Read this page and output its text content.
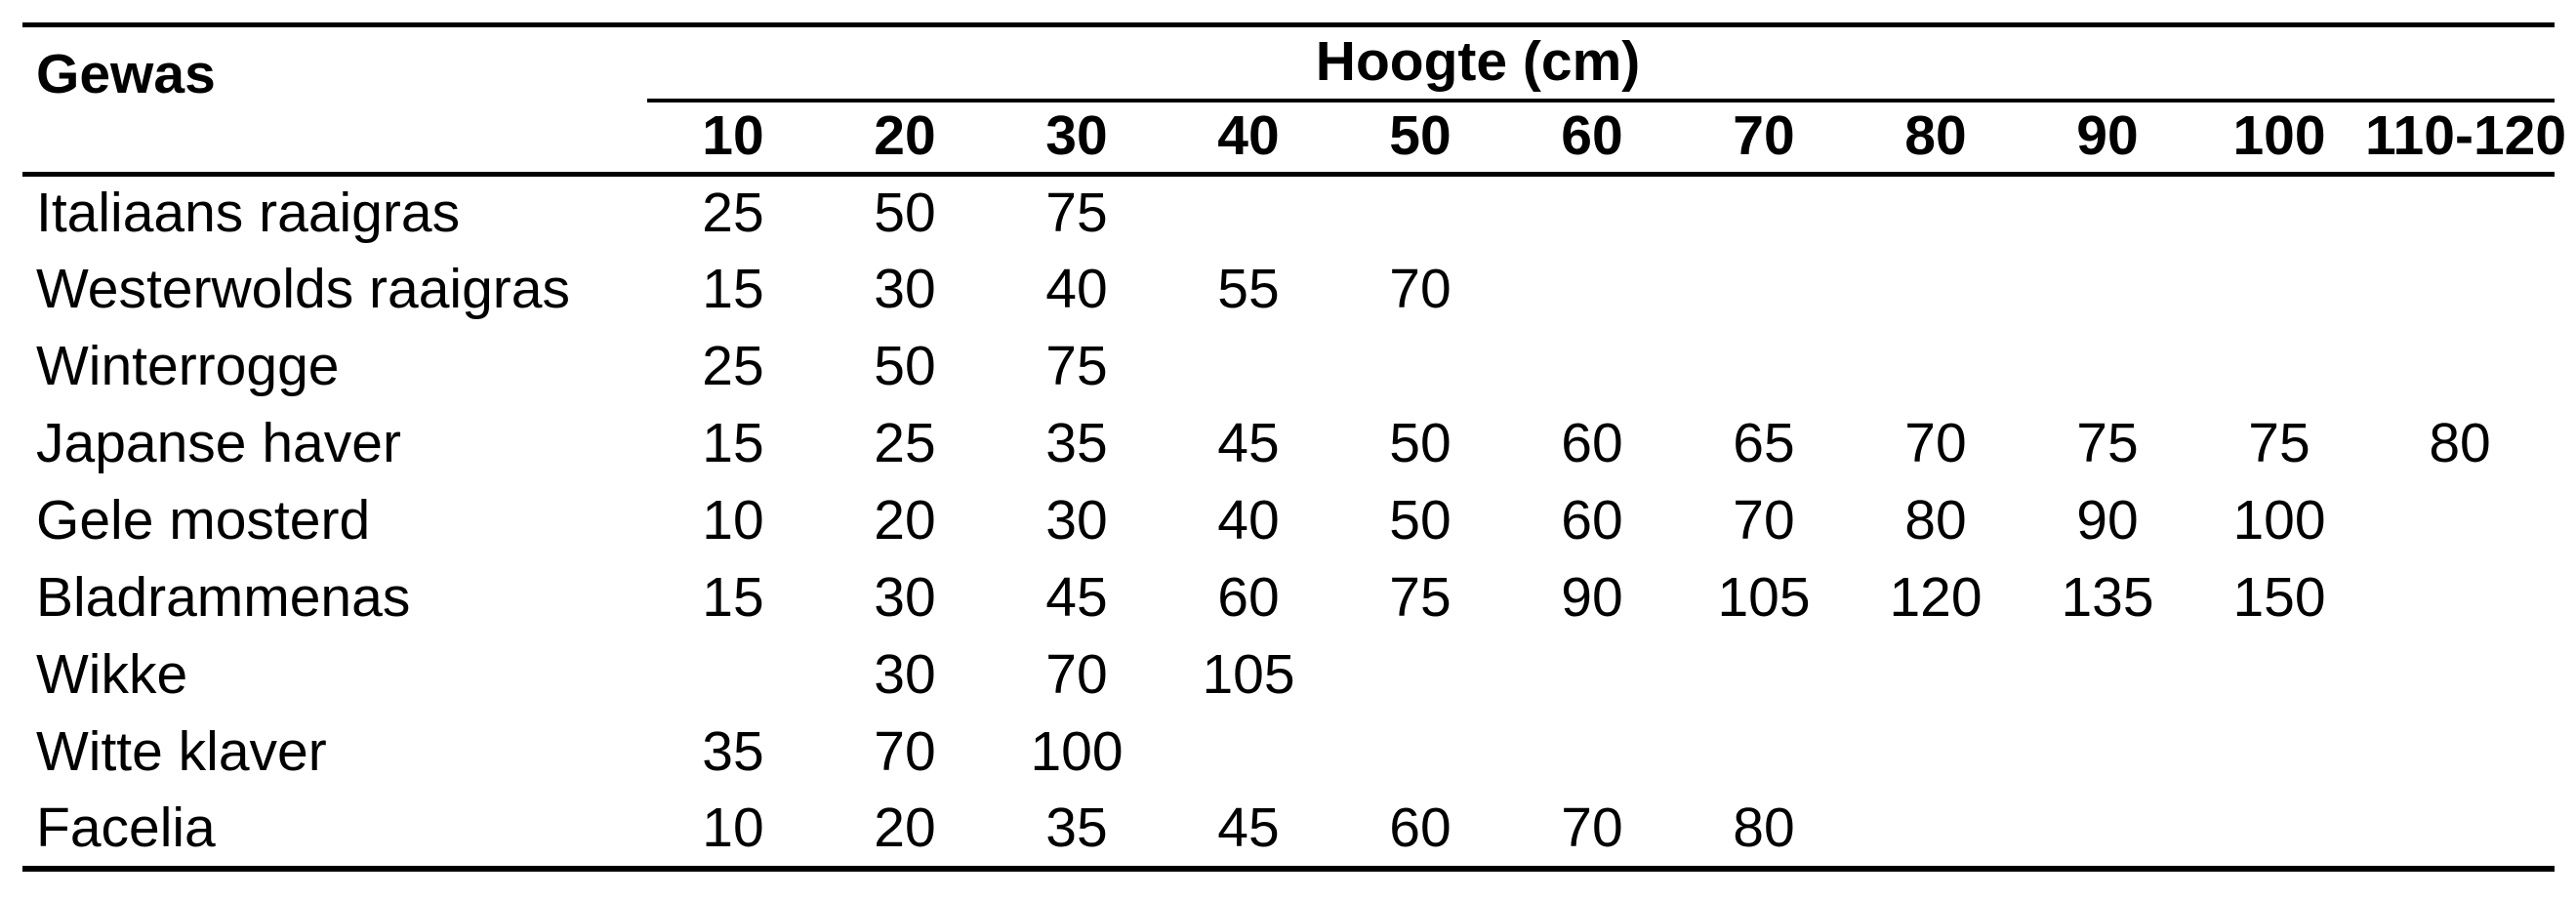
Gewas	Hoogte (cm)										
	10	20	30	40	50	60	70	80	90	100	110-120
Italiaans raaigras	25	50	75								
Westerwolds raaigras	15	30	40	55	70						
Winterrogge	25	50	75								
Japanse haver	15	25	35	45	50	60	65	70	75	75	80
Gele mosterd	10	20	30	40	50	60	70	80	90	100	
Bladrammenas	15	30	45	60	75	90	105	120	135	150	
Wikke		30	70	105							
Witte klaver	35	70	100								
Facelia	10	20	35	45	60	70	80				
